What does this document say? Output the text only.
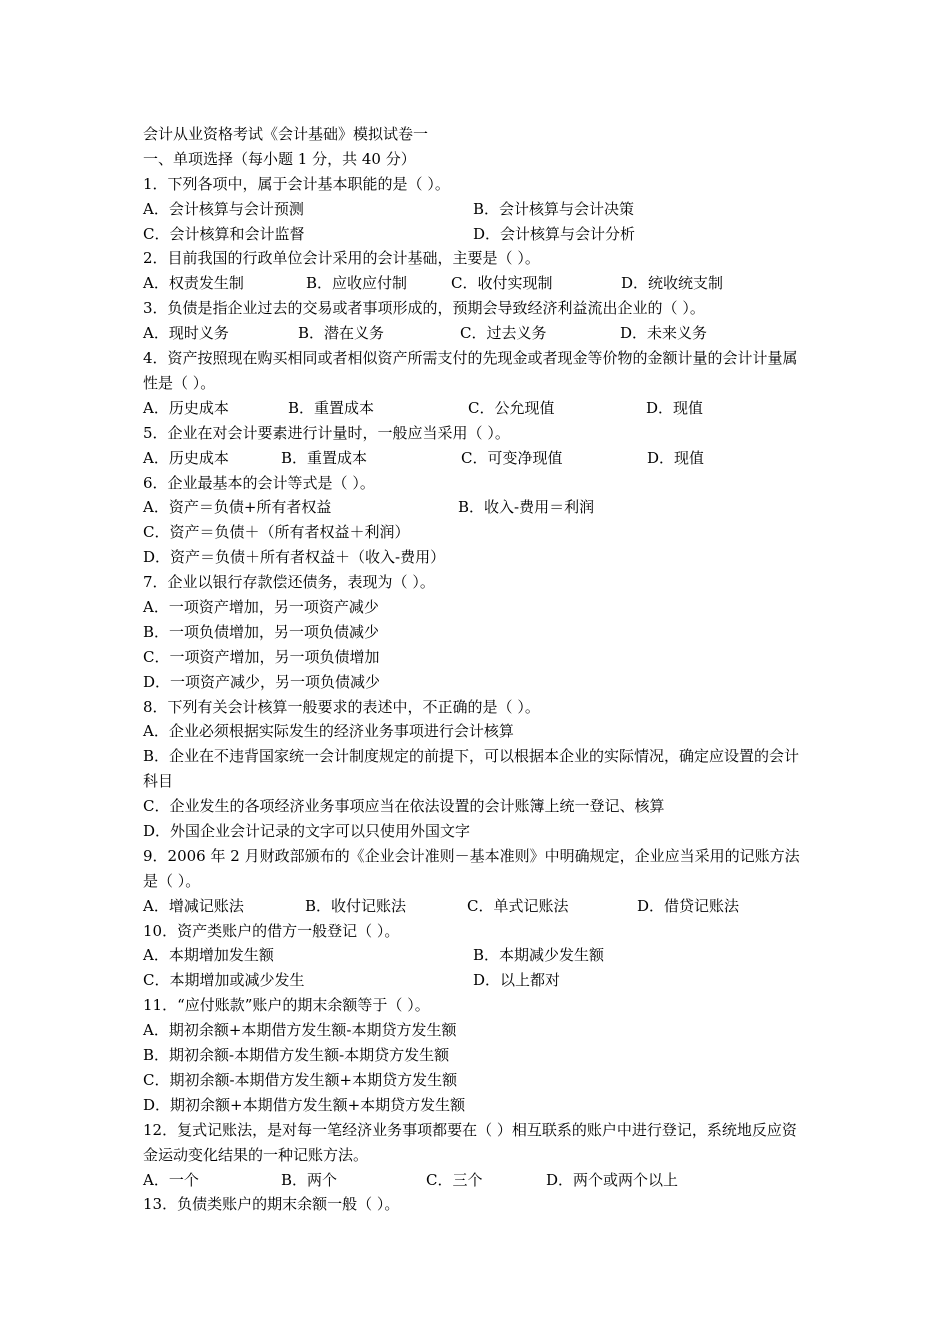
会计从业资格考试《会计基础》模拟试卷一
一、单项选择（每小题 1 分，共 40 分）
1．下列各项中，属于会计基本职能的是（ ）。
A．会计核算与会计预测	B．会计核算与会计决策
C．会计核算和会计监督	D．会计核算与会计分析
2．目前我国的行政单位会计采用的会计基础，主要是（ ）。
A．权责发生制	B．应收应付制	C．收付实现制	D．统收统支制
3．负债是指企业过去的交易或者事项形成的，预期会导致经济利益流出企业的（ ）。
A．现时义务	B．潜在义务	C．过去义务	D．未来义务
4．资产按照现在购买相同或者相似资产所需支付的先现金或者现金等价物的金额计量的会计计量属性是（ ）。
A．历史成本	B．重置成本	C．公允现值	D．现值
5．企业在对会计要素进行计量时，一般应当采用（ ）。
A．历史成本	B．重置成本	C．可变净现值	D．现值
6．企业最基本的会计等式是（ ）。
A．资产＝负债+所有者权益	B．收入-费用＝利润
C．资产＝负债＋（所有者权益＋利润）
D．资产＝负债＋所有者权益＋（收入-费用）
7．企业以银行存款偿还债务，表现为（ ）。
A．一项资产增加，另一项资产减少
B．一项负债增加，另一项负债减少
C．一项资产增加，另一项负债增加
D．一项资产减少，另一项负债减少
8．下列有关会计核算一般要求的表述中，不正确的是（ ）。
A．企业必须根据实际发生的经济业务事项进行会计核算
B．企业在不违背国家统一会计制度规定的前提下，可以根据本企业的实际情况，确定应设置的会计科目
C．企业发生的各项经济业务事项应当在依法设置的会计账簿上统一登记、核算
D．外国企业会计记录的文字可以只使用外国文字
9．2006 年 2 月财政部颁布的《企业会计准则－基本准则》中明确规定，企业应当采用的记账方法是（ ）。
A．增减记账法	B．收付记账法	C．单式记账法	D．借贷记账法
10．资产类账户的借方一般登记（ ）。
A．本期增加发生额	B．本期减少发生额
C．本期增加或减少发生	D．以上都对
11．“应付账款”账户的期末余额等于（ ）。
A．期初余额+本期借方发生额-本期贷方发生额
B．期初余额-本期借方发生额-本期贷方发生额
C．期初余额-本期借方发生额+本期贷方发生额
D．期初余额+本期借方发生额+本期贷方发生额
12．复式记账法，是对每一笔经济业务事项都要在（ ）相互联系的账户中进行登记，系统地反应资金运动变化结果的一种记账方法。
A．一个	B．两个	C．三个	D．两个或两个以上
13．负债类账户的期末余额一般（ ）。
